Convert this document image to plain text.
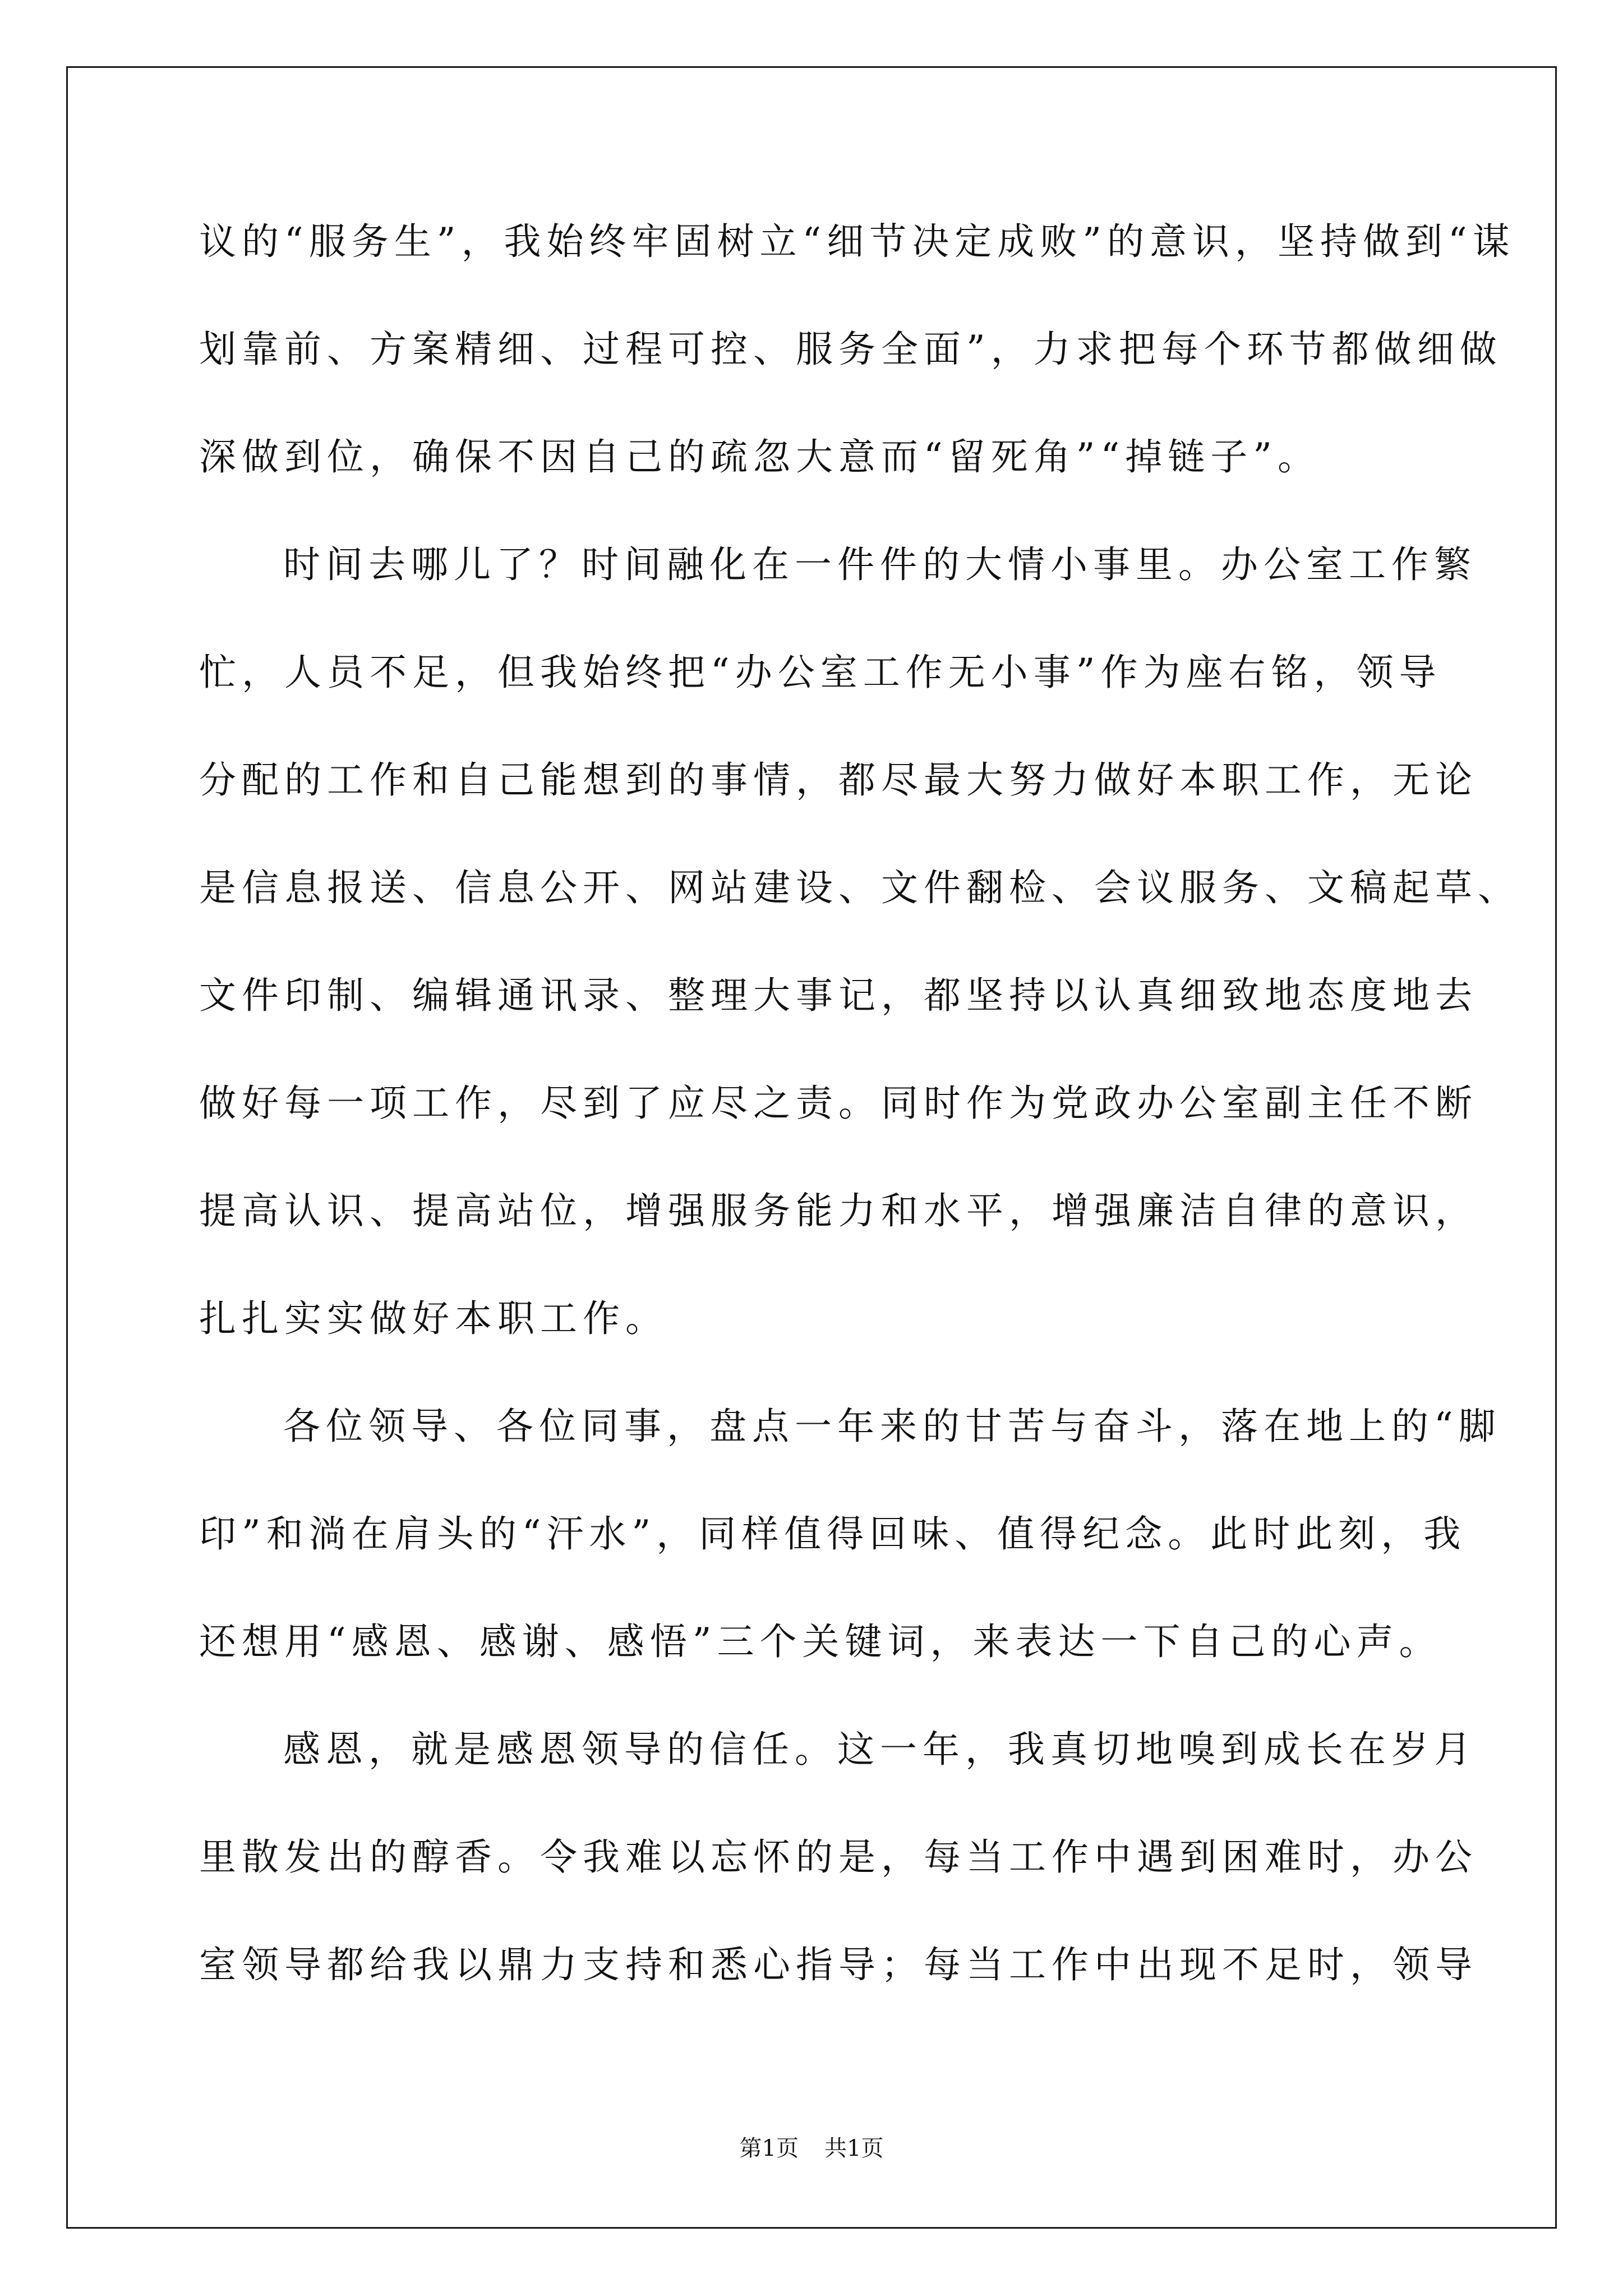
议的“服务生”，我始终牢固树立“细节决定成败”的意识，坚持做到“谋
划靠前、方案精细、过程可控、服务全面”，力求把每个环节都做细做
深做到位，确保不因自己的疏忽大意而“留死角”“掉链子”。
时间去哪儿了？时间融化在一件件的大情小事里。办公室工作繁
忙，人员不足，但我始终把“办公室工作无小事”作为座右铭，领导
分配的工作和自己能想到的事情，都尽最大努力做好本职工作，无论
是信息报送、信息公开、网站建设、文件翻检、会议服务、文稿起草、
文件印制、编辑通讯录、整理大事记，都坚持以认真细致地态度地去
做好每一项工作，尽到了应尽之责。同时作为党政办公室副主任不断
提高认识、提高站位，增强服务能力和水平，增强廉洁自律的意识，
扎扎实实做好本职工作。
各位领导、各位同事，盘点一年来的甘苦与奋斗，落在地上的“脚
印”和淌在肩头的“汗水”，同样值得回味、值得纪念。此时此刻，我
还想用“感恩、感谢、感悟”三个关键词，来表达一下自己的心声。
感恩，就是感恩领导的信任。这一年，我真切地嗅到成长在岁月
里散发出的醇香。令我难以忘怀的是，每当工作中遇到困难时，办公
室领导都给我以鼎力支持和悉心指导；每当工作中出现不足时，领导
第1页 共1页
